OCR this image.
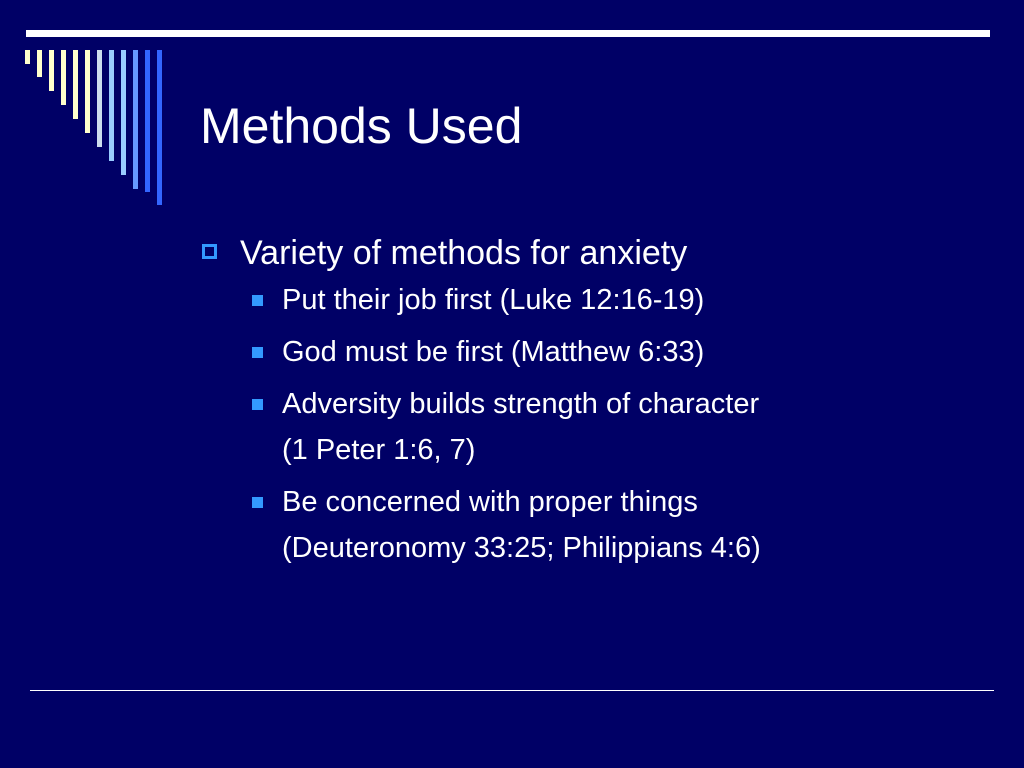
Methods Used
Variety of methods for anxiety
Put their job first (Luke 12:16-19)
God must be first (Matthew 6:33)
Adversity builds strength of character
(1 Peter 1:6, 7)
Be concerned with proper things
(Deuteronomy 33:25; Philippians 4:6)
